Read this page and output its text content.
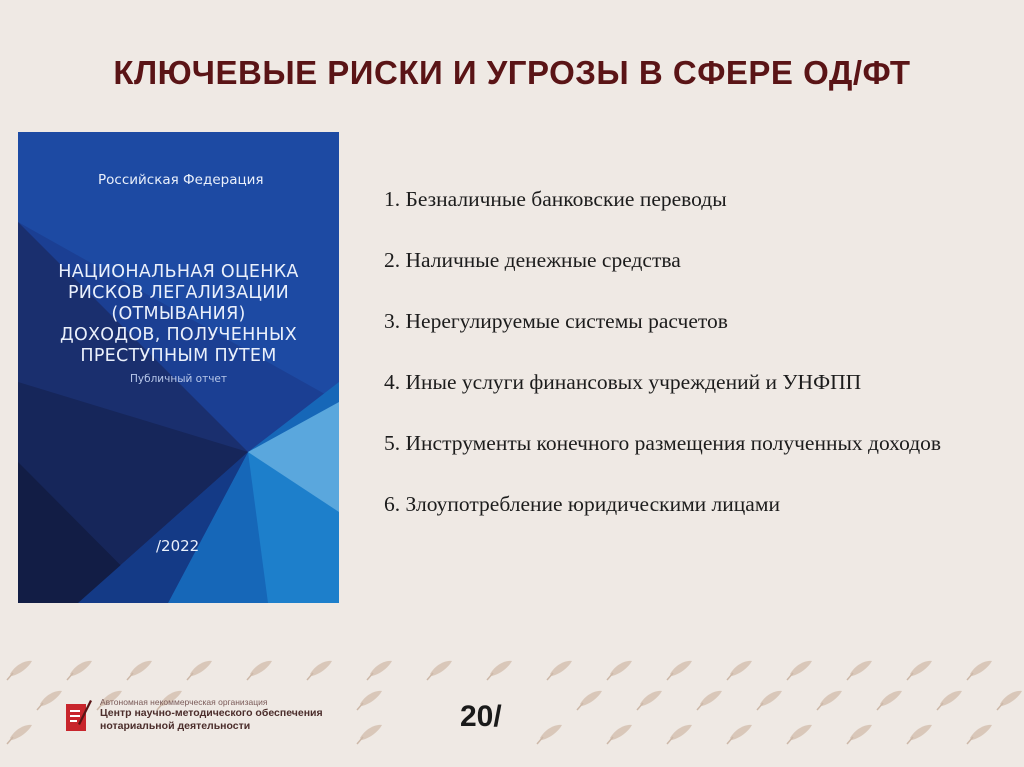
КЛЮЧЕВЫЕ РИСКИ И УГРОЗЫ В СФЕРЕ ОД/ФТ
Российская Федерация
НАЦИОНАЛЬНАЯ ОЦЕНКА
РИСКОВ ЛЕГАЛИЗАЦИИ
(ОТМЫВАНИЯ)
ДОХОДОВ, ПОЛУЧЕННЫХ
ПРЕСТУПНЫМ ПУТЕМ
Публичный отчет
/2022
1. Безналичные банковские переводы
2. Наличные денежные средства
3. Нерегулируемые системы расчетов
4. Иные услуги финансовых учреждений и УНФПП
5. Инструменты конечного размещения полученных доходов
6. Злоупотребление юридическими лицами
Автономная некоммерческая организация
Центр научно-методического обеспечения
нотариальной деятельности	20/
